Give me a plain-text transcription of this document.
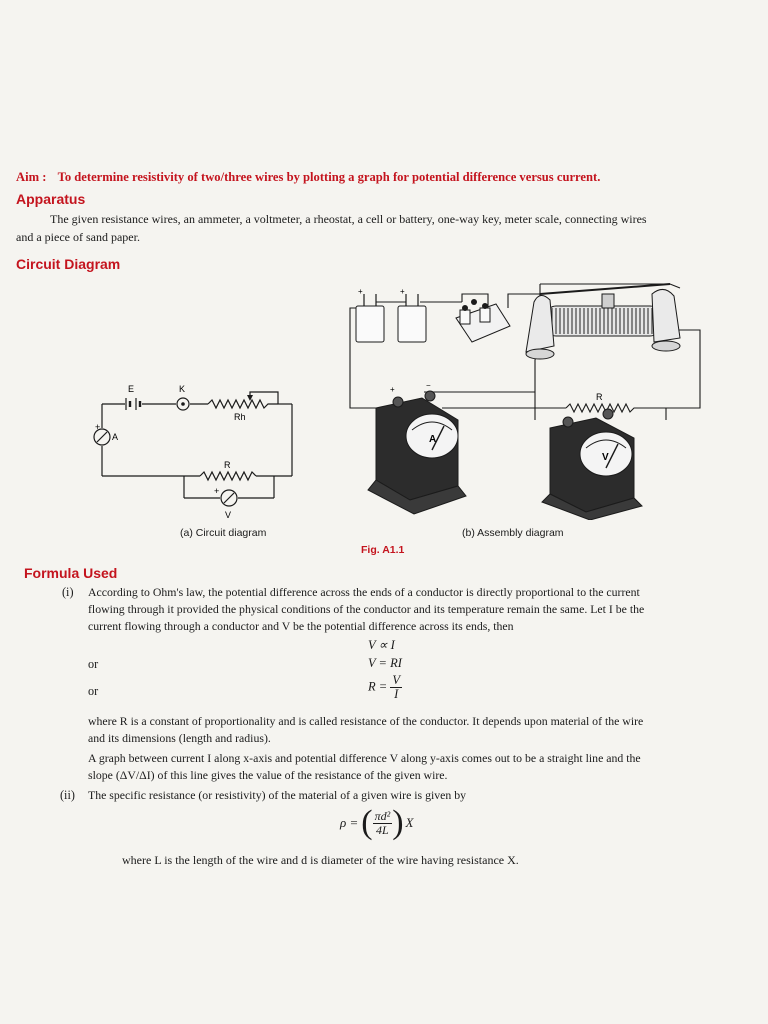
Aim : To determine resistivity of two/three wires by plotting a graph for potential difference versus current.
Apparatus
The given resistance wires, an ammeter, a voltmeter, a rheostat, a cell or battery, one-way key, meter scale, connecting wires
and a piece of sand paper.
Circuit Diagram
E	K
Rh
A
+
R
V
+
+	+
A
+	−
R
V
(a) Circuit diagram	(b) Assembly diagram
Fig. A1.1
Formula Used
(i) According to Ohm's law, the potential difference across the ends of a conductor is directly proportional to the current
flowing through it provided the physical conditions of the conductor and its temperature remain the same. Let I be the
current flowing through a conductor and V be the potential difference across its ends, then
V ∝ I
or	V = RI
or	$R = \frac{V}{I}$
where R is a constant of proportionality and is called resistance of the conductor. It depends upon material of the wire
and its dimensions (length and radius).
A graph between current I along x-axis and potential difference V along y-axis comes out to be a straight line and the
slope (ΔV/ΔI) of this line gives the value of the resistance of the given wire.
(ii) The specific resistance (or resistivity) of the material of a given wire is given by
ρ = ( $\frac{\text{πd²}}{4L}$ ) X
where L is the length of the wire and d is diameter of the wire having resistance X.
